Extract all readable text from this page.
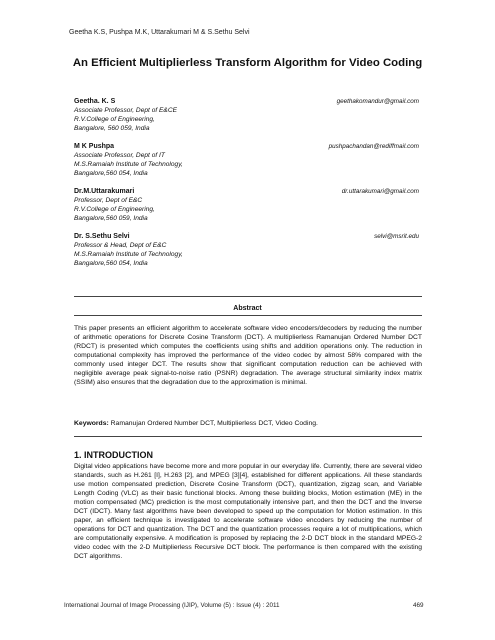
Geetha K.S, Pushpa M.K, Uttarakumari M & S.Sethu Selvi
An Efficient Multiplierless Transform Algorithm for Video Coding
Geetha. K. S	geethakomandur@gmail.com
Associate Professor, Dept of E&CE
R.V.College of Engineering,
Bangalore, 560 059, India
M K Pushpa	pushpachandan@rediffmail.com
Associate Professor, Dept of IT
M.S.Ramaiah Institute of Technology,
Bangalore,560 054, India
Dr.M.Uttarakumari	dr.uttarakumari@gmail.com
Professor, Dept of E&C
R.V.College of Engineering,
Bangalore,560 059, India
Dr. S.Sethu Selvi	selvi@msrit.edu
Professor & Head, Dept of E&C
M.S.Ramaiah Institute of Technology,
Bangalore,560 054, India
Abstract
This paper presents an efficient algorithm to accelerate software video encoders/decoders by reducing the number of arithmetic operations for Discrete Cosine Transform (DCT). A multiplierless Ramanujan Ordered Number DCT (RDCT) is presented which computes the coefficients using shifts and addition operations only. The reduction in computational complexity has improved the performance of the video codec by almost 58% compared with the commonly used integer DCT. The results show that significant computation reduction can be achieved with negligible average peak signal-to-noise ratio (PSNR) degradation. The average structural similarity index matrix (SSIM) also ensures that the degradation due to the approximation is minimal.
Keywords: Ramanujan Ordered Number DCT, Multiplierless DCT, Video Coding.
1. INTRODUCTION
Digital video applications have become more and more popular in our everyday life. Currently, there are several video standards, such as H.261 [I], H.263 [2], and MPEG [3][4], established for different applications. All these standards use motion compensated prediction, Discrete Cosine Transform (DCT), quantization, zigzag scan, and Variable Length Coding (VLC) as their basic functional blocks. Among these building blocks, Motion estimation (ME) in the motion compensated (MC) prediction is the most computationally intensive part, and then the DCT and the Inverse DCT (IDCT). Many fast algorithms have been developed to speed up the computation for Motion estimation. In this paper, an efficient technique is investigated to accelerate software video encoders by reducing the number of operations for DCT and quantization. The DCT and the quantization processes require a lot of multiplications, which are computationally expensive. A modification is proposed by replacing the 2-D DCT block in the standard MPEG-2 video codec with the 2-D Multiplierless Recursive DCT block. The performance is then compared with the existing DCT algorithms.
International Journal of Image Processing (IJIP), Volume (5) : Issue (4) : 2011	469
